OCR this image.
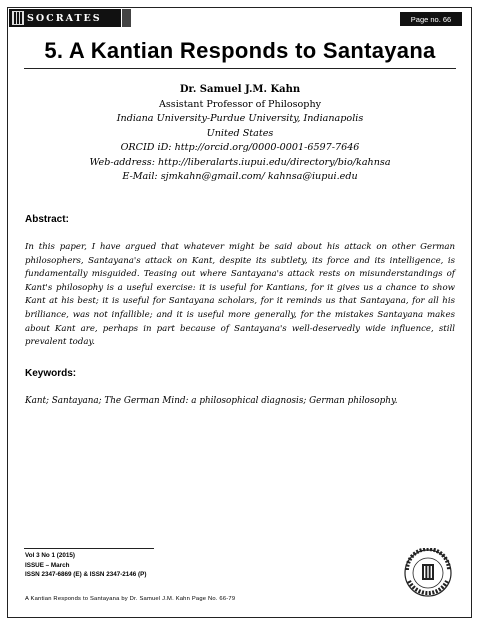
SOCRATES	Page no. 66
5. A Kantian Responds to Santayana
Dr. Samuel J.M. Kahn
Assistant Professor of Philosophy
Indiana University-Purdue University, Indianapolis
United States
ORCID iD: http://orcid.org/0000-0001-6597-7646
Web-address: http://liberalarts.iupui.edu/directory/bio/kahnsa
E-Mail: sjmkahn@gmail.com/ kahnsa@iupui.edu
Abstract:
In this paper, I have argued that whatever might be said about his attack on other German philosophers, Santayana's attack on Kant, despite its subtlety, its force and its intelligence, is fundamentally misguided. Teasing out where Santayana's attack rests on misunderstandings of Kant's philosophy is a useful exercise: it is useful for Kantians, for it gives us a chance to show Kant at his best; it is useful for Santayana scholars, for it reminds us that Santayana, for all his brilliance, was not infallible; and it is useful more generally, for the mistakes Santayana makes about Kant are, perhaps in part because of Santayana's well-deservedly wide influence, still prevalent today.
Keywords:
Kant; Santayana; The German Mind: a philosophical diagnosis; German philosophy.
Vol 3 No 1 (2015)
ISSUE – March
ISSN 2347-6869 (E) & ISSN 2347-2146 (P)
A Kantian Responds to Santayana by Dr. Samuel J.M. Kahn Page No. 66-79
